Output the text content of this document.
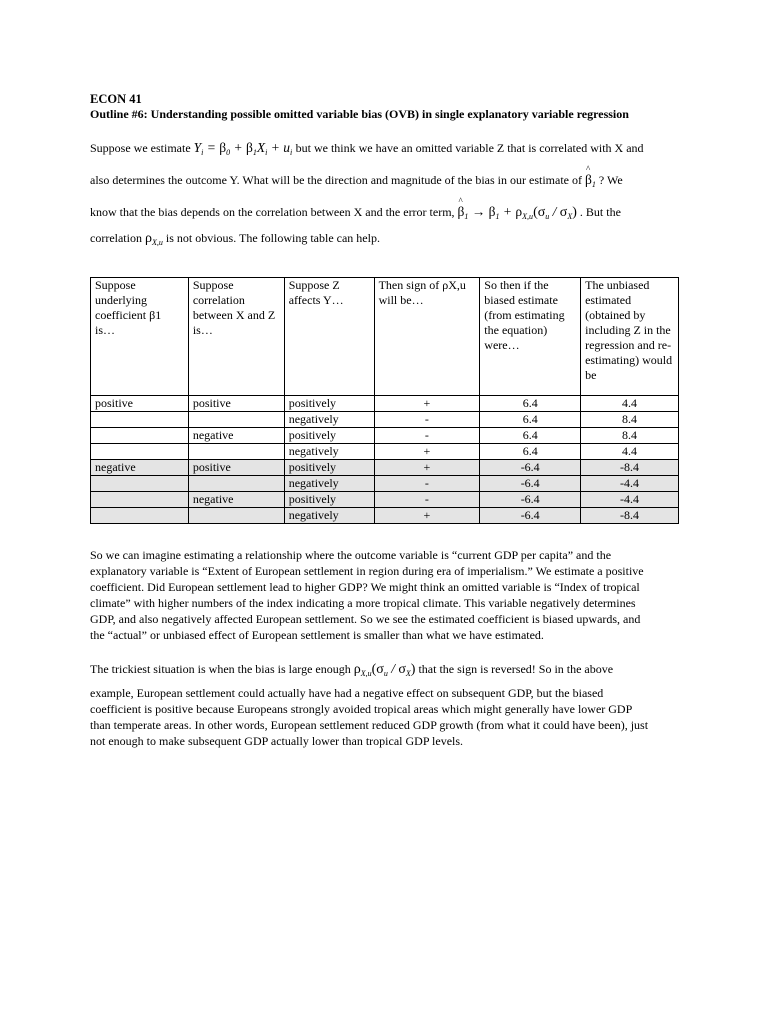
ECON 41
Outline #6: Understanding possible omitted variable bias (OVB) in single explanatory variable regression
Suppose we estimate $Y_i = \beta_0 + \beta_1X_i + u_i$ but we think we have an omitted variable Z that is correlated with X and
also determines the outcome Y. What will be the direction and magnitude of the bias in our estimate of ^ $\beta_1$ ? We
know that the bias depends on the correlation between X and the error term, ^ $\beta_1 \to \beta_1 + \rho_{X,u}(\sigma_u / \sigma_X)$ . But the
correlation $\rho_{X,u}$ is not obvious. The following table can help.
Suppose underlying coefficient β1 is…	Suppose correlation between X and Z is…	Suppose Z affects Y…	Then sign of ρX,u will be…	So then if the biased estimate (from estimating the equation) were…	The unbiased estimated (obtained by including Z in the regression and re-estimating) would be
positive	positive	positively	+	6.4	4.4
		negatively	-	6.4	8.4
	negative	positively	-	6.4	8.4
		negatively	+	6.4	4.4
negative	positive	positively	+	-6.4	-8.4
		negatively	-	-6.4	-4.4
	negative	positively	-	-6.4	-4.4
		negatively	+	-6.4	-8.4
So we can imagine estimating a relationship where the outcome variable is “current GDP per capita” and the
explanatory variable is “Extent of European settlement in region during era of imperialism.” We estimate a positive
coefficient. Did European settlement lead to higher GDP? We might think an omitted variable is “Index of tropical
climate” with higher numbers of the index indicating a more tropical climate. This variable negatively determines
GDP, and also negatively affected European settlement. So we see the estimated coefficient is biased upwards, and
the “actual” or unbiased effect of European settlement is smaller than what we have estimated.
The trickiest situation is when the bias is large enough $\rho_{X,u}(\sigma_u / \sigma_X)$ that the sign is reversed! So in the above
example, European settlement could actually have had a negative effect on subsequent GDP, but the biased
coefficient is positive because Europeans strongly avoided tropical areas which might generally have lower GDP
than temperate areas. In other words, European settlement reduced GDP growth (from what it could have been), just
not enough to make subsequent GDP actually lower than tropical GDP levels.
